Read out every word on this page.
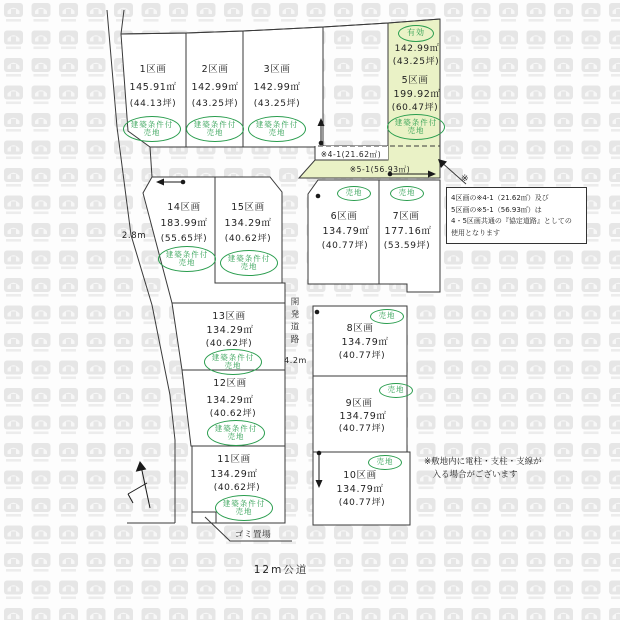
1区画
145.91㎡
(44.13坪)
建築条件付
売地
2区画
142.99㎡
(43.25坪)
建築条件付
売地
3区画
142.99㎡
(43.25坪)
建築条件付
売地
有効
142.99㎡
(43.25坪)
5区画
199.92㎡
(60.47坪)
建築条件付
売地
※4-1(21.62㎡)
※5-1(56.93㎡)
14区画
183.99㎡
(55.65坪)
建築条件付
売地
15区画
134.29㎡
(40.62坪)
建築条件付
売地
売地
6区画
134.79㎡
(40.77坪)
売地
7区画
177.16㎡
(53.59坪)
13区画
134.29㎡
(40.62坪)
建築条件付
売地
12区画
134.29㎡
(40.62坪)
建築条件付
売地
11区画
134.29㎡
(40.62坪)
建築条件付
売地
売地
8区画
134.79㎡
(40.77坪)
売地
9区画
134.79㎡
(40.77坪)
売地
10区画
134.79㎡
(40.77坪)
2.8m
開発道路
4.2m
12m公道
ゴミ置場
※
4区画の※4-1（21.62㎡）及び
5区画の※5-1（56.93㎡）は
4・5区画共通の『協定道路』としての
使用となります
※敷地内に電柱・支柱・支線が
　入る場合がございます
